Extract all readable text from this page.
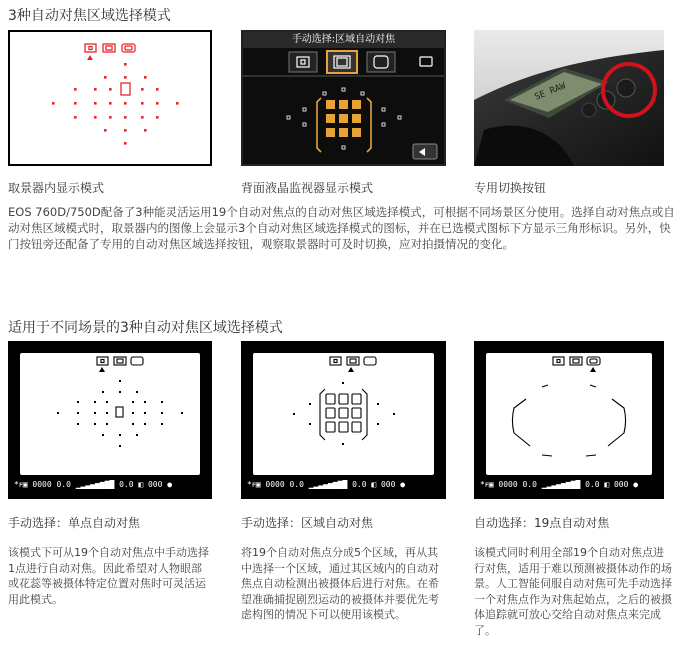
3种自动对焦区域选择模式
手动选择:区域自动对焦
SE RAW
取景器内显示模式	背面液晶监视器显示模式	专用切换按钮
EOS 760D/750D配备了3种能灵活运用19个自动对焦点的自动对焦区域选择模式，可根据不同场景区分使用。选择自动对焦点或自动对焦区域模式时，取景器内的图像上会显示3个自动对焦区域选择模式的图标，并在已选模式图标下方显示三角形标识。另外，快门按钮旁还配备了专用的自动对焦区域选择按钮，观察取景器时可及时切换，应对拍摄情况的变化。
适用于不同场景的3种自动对焦区域选择模式
*ꜰ▣ 0000 0.0 ▁▂▃▄▅▆▇█ 0.0 ◧ 000 ●	*ꜰ▣ 0000 0.0 ▁▂▃▄▅▆▇█ 0.0 ◧ 000 ●	*ꜰ▣ 0000 0.0 ▁▂▃▄▅▆▇█ 0.0 ◧ 000 ●
手动选择：单点自动对焦	手动选择：区域自动对焦	自动选择：19点自动对焦
该模式下可从19个自动对焦点中手动选择1点进行自动对焦。因此希望对人物眼部或花蕊等被摄体特定位置对焦时可灵活运用此模式。
将19个自动对焦点分成5个区域，再从其中选择一个区域，通过其区域内的自动对焦点自动检测出被摄体后进行对焦。在希望准确捕捉剧烈运动的被摄体并要优先考虑构图的情况下可以使用该模式。
该模式同时利用全部19个自动对焦点进行对焦，适用于难以预测被摄体动作的场景。人工智能伺服自动对焦可先手动选择一个对焦点作为对焦起始点，之后的被摄体追踪就可放心交给自动对焦点来完成了。
